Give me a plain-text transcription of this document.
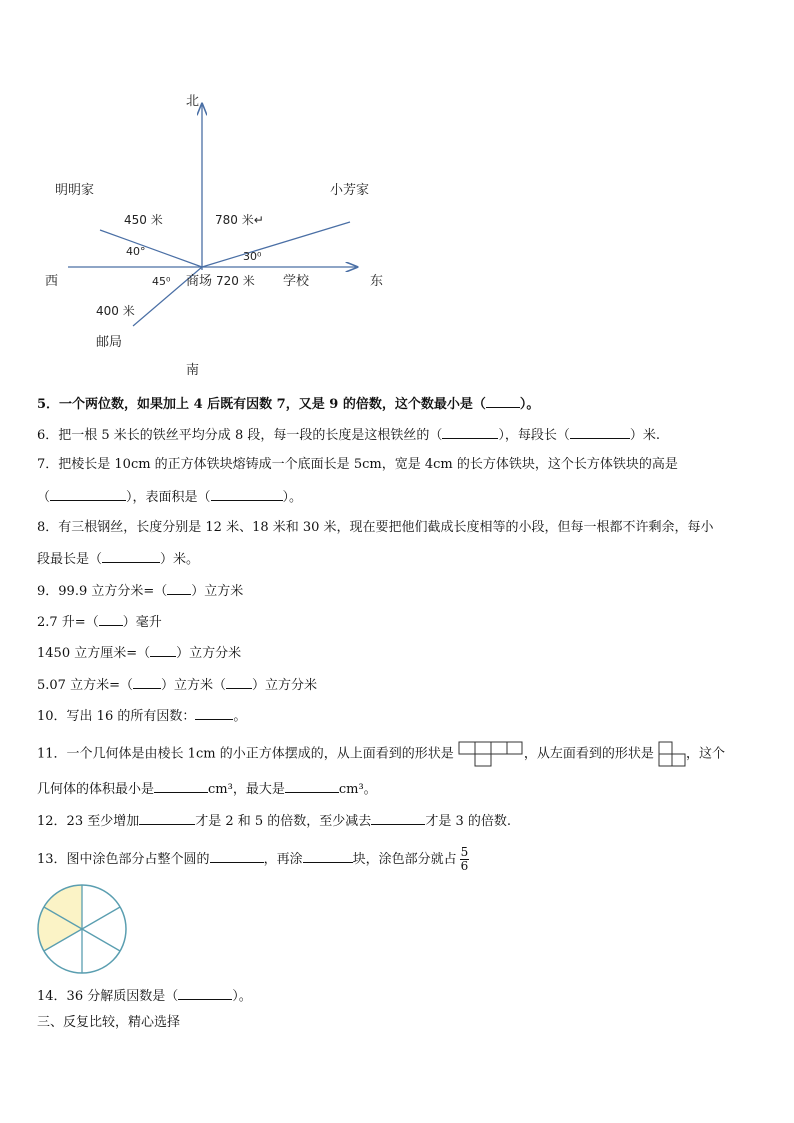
北
南
东
西
明明家	小芳家
商场	学校
邮局
450 米	780 米↵
720 米
400 米
40°	30⁰
45⁰
5．一个两位数，如果加上 4 后既有因数 7，又是 9 的倍数，这个数最小是（	）。
6．把一根 5 米长的铁丝平均分成 8 段，每一段的长度是这根铁丝的（	），每段长（	）米.
7．把棱长是 10cm 的正方体铁块熔铸成一个底面长是 5cm，宽是 4cm 的长方体铁块，这个长方体铁块的高是
（	），表面积是（	）。
8．有三根钢丝，长度分别是 12 米、18 米和 30 米，现在要把他们截成长度相等的小段，但每一根都不许剩余，每小
段最长是（	）米。
9．99.9 立方分米=（ ）立方米
2.7 升=（ ）毫升
1450 立方厘米=（ ）立方分米
5.07 立方米=（ ）立方米（ ）立方分米
10．写出 16 的所有因数：	。
11．一个几何体是由棱长 1cm 的小正方体摆成的，从上面看到的形状是	，从左面看到的形状是 ，这个
几何体的体积最小是	cm³，最大是	cm³。
12．23 至少增加	才是 2 和 5 的倍数，至少减去	才是 3 的倍数.
13．图中涂色部分占整个圆的	，再涂	块，涂色部分就占 $\frac{5}{6}$
14．36 分解质因数是（	）。
三、反复比较，精心选择
